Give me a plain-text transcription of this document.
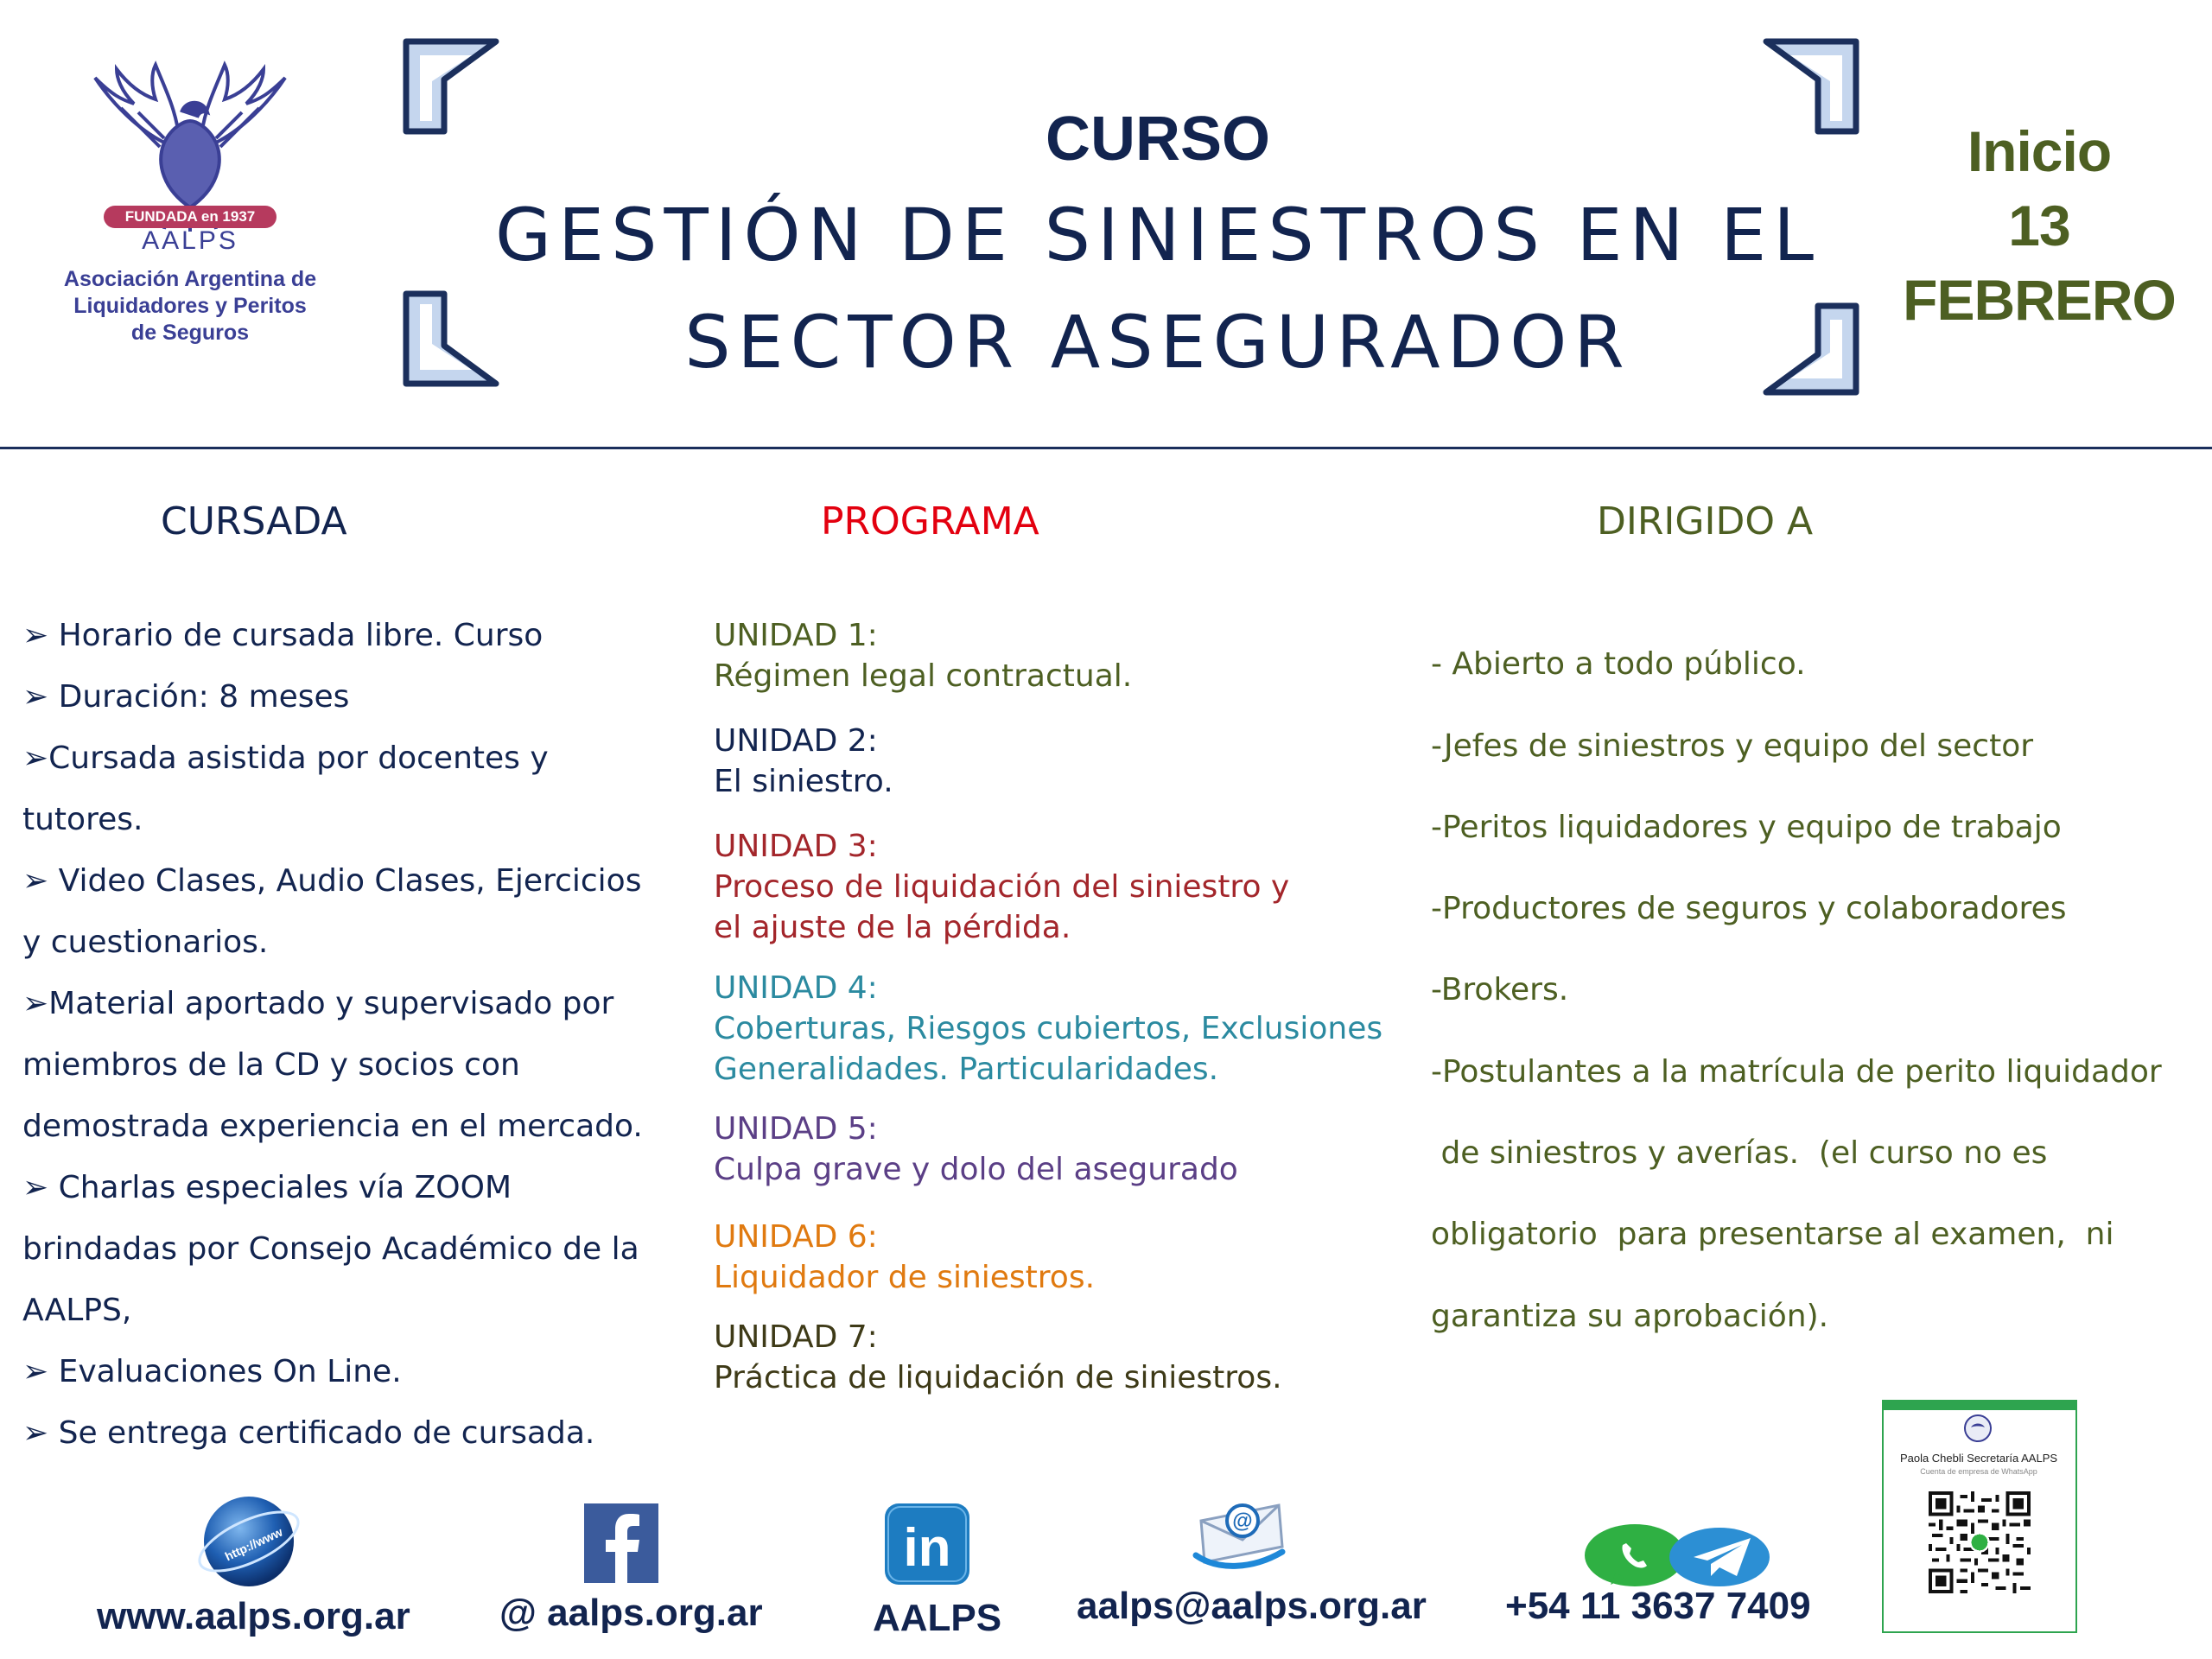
FUNDADA en 1937
AALPS
Asociación Argentina de
Liquidadores y Peritos
de Seguros
CURSO
GESTIÓN DE SINIESTROS EN EL
SECTOR ASEGURADOR
Inicio
13
FEBRERO
CURSADA	PROGRAMA	DIRIGIDO A
➢ Horario de cursada libre. Curso
➢ Duración: 8 meses
➢Cursada asistida por docentes y
tutores.
➢ Video Clases, Audio Clases, Ejercicios
y cuestionarios.
➢Material aportado y supervisado por
miembros de la CD y socios con
demostrada experiencia en el mercado.
➢ Charlas especiales vía ZOOM
brindadas por Consejo Académico de la
AALPS,
➢ Evaluaciones On Line.
➢ Se entrega certificado de cursada.
UNIDAD 1:
Régimen legal contractual.
UNIDAD 2:
El siniestro.
UNIDAD 3:
Proceso de liquidación del siniestro y
el ajuste de la pérdida.
UNIDAD 4:
Coberturas, Riesgos cubiertos, Exclusiones
Generalidades. Particularidades.
UNIDAD 5:
Culpa grave y dolo del asegurado
UNIDAD 6:
Liquidador de siniestros.
UNIDAD 7:
Práctica de liquidación de siniestros.
- Abierto a todo público.
-Jefes de siniestros y equipo del sector
-Peritos liquidadores y equipo de trabajo
-Productores de seguros y colaboradores
-Brokers.
-Postulantes a la matrícula de perito liquidador
de siniestros y averías.  (el curso no es
obligatorio  para presentarse al examen,  ni
garantiza su aprobación).
http://www
www.aalps.org.ar @ aalps.org.ar
in
AALPS
@
aalps@aalps.org.ar +54 11 3637 7409
Paola Chebli Secretaría AALPS
Cuenta de empresa de WhatsApp
